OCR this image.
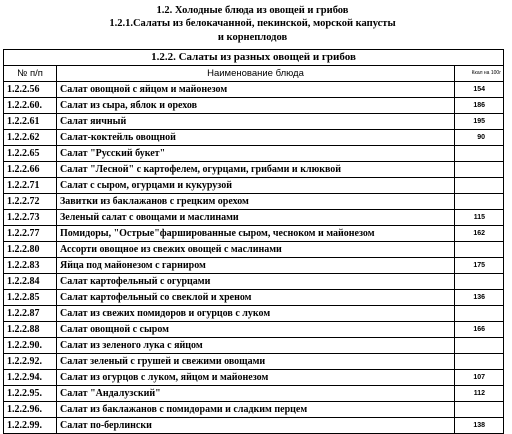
1.2. Холодные блюда из овощей и грибов
1.2.1.Салаты из белокачанной, пекинской, морской капусты
и корнеплодов
1.2.2. Салаты из разных овощей и грибов		
№ п/п	Наименование блюда	Ккал на 100г
1.2.2.56	Салат овощной с яйцом и майонезом	154
1.2.2.60.	Салат из сыра, яблок и орехов	186
1.2.2.61	Салат яичный	195
1.2.2.62	Салат-коктейль овощной	90
1.2.2.65	Салат "Русский букет"	
1.2.2.66	Салат "Лесной" с картофелем, огурцами, грибами и клюквой	
1.2.2.71	Салат с сыром, огурцами и кукурузой	
1.2.2.72	Завитки из баклажанов с грецким орехом	
1.2.2.73	Зеленый салат с овощами и маслинами	115
1.2.2.77	Помидоры, "Острые"фаршированные сыром, чесноком и майонезом	162
1.2.2.80	Ассорти овощное из свежих овощей с маслинами	
1.2.2.83	Яйца под майонезом с гарниром	175
1.2.2.84	Салат картофельный с огурцами	
1.2.2.85	Салат картофельный со свеклой и хреном	136
1.2.2.87	Салат из свежих помидоров и огурцов с луком	
1.2.2.88	Салат овощной с сыром	166
1.2.2.90.	Салат из зеленого лука с яйцом	
1.2.2.92.	Салат зеленый с грушей и свежими овощами	
1.2.2.94.	Салат из огурцов с луком, яйцом и майонезом	107
1.2.2.95.	Салат "Андалузский"	112
1.2.2.96.	Салат из баклажанов с помидорами и сладким перцем	
1.2.2.99.	Салат по-берлински	138
